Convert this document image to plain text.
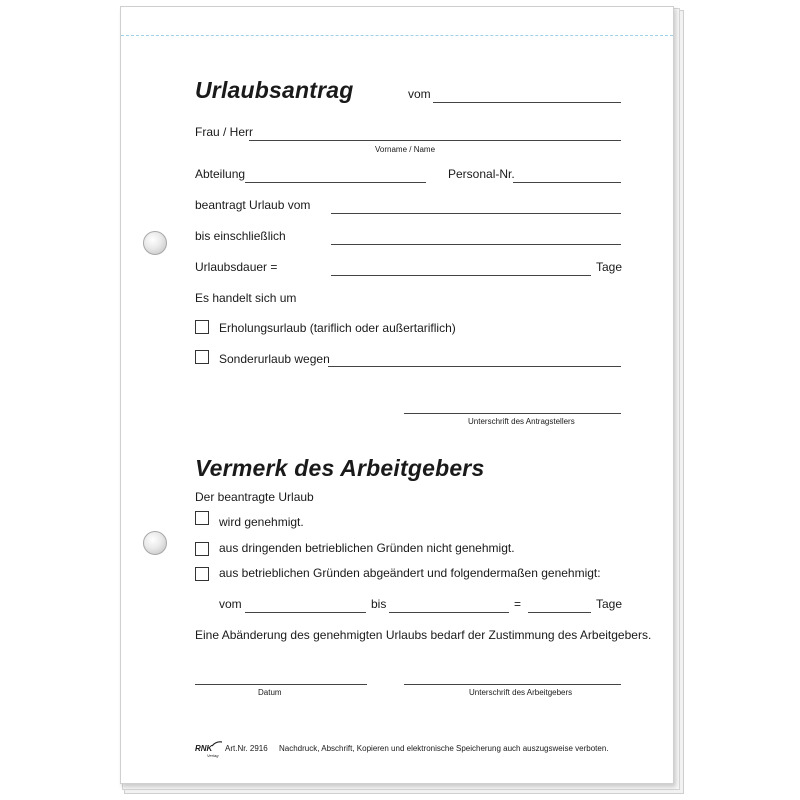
Urlaubsantrag	vom
Frau / Herr
Vorname / Name
Abteilung	Personal-Nr.
beantragt Urlaub vom
bis einschließlich
Urlaubsdauer =	Tage
Es handelt sich um
Erholungsurlaub (tariflich oder außertariflich)
Sonderurlaub wegen
Unterschrift des Antragstellers
Vermerk des Arbeitgebers
Der beantragte Urlaub
wird genehmigt.
aus dringenden betrieblichen Gründen nicht genehmigt.
aus betrieblichen Gründen abgeändert und folgendermaßen genehmigt:
vom	bis	=	Tage
Eine Abänderung des genehmigten Urlaubs bedarf der Zustimmung des Arbeitgebers.
Datum	Unterschrift des Arbeitgebers
RNK
Verlag
Art.Nr. 2916 Nachdruck, Abschrift, Kopieren und elektronische Speicherung auch auszugsweise verboten.
